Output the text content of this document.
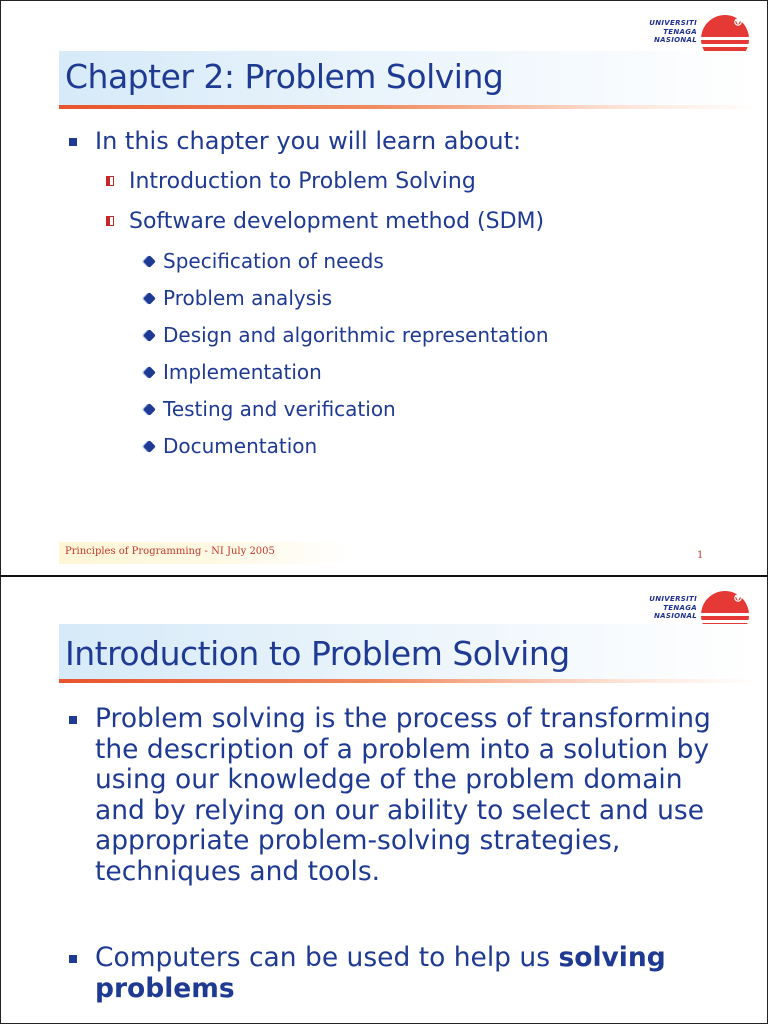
UNIVERSITI
TENAGA
NASIONAL
Chapter 2: Problem Solving
In this chapter you will learn about:
Introduction to Problem Solving
Software development method (SDM)
Specification of needs
Problem analysis
Design and algorithmic representation
Implementation
Testing and verification
Documentation
Principles of Programming - NI July 2005	1
UNIVERSITI
TENAGA
NASIONAL
Introduction to Problem Solving
Problem solving is the process of transforming the description of a problem into a solution by using our knowledge of the problem domain and by relying on our ability to select and use appropriate problem-solving strategies, techniques and tools.
Computers can be used to help us solving problems
